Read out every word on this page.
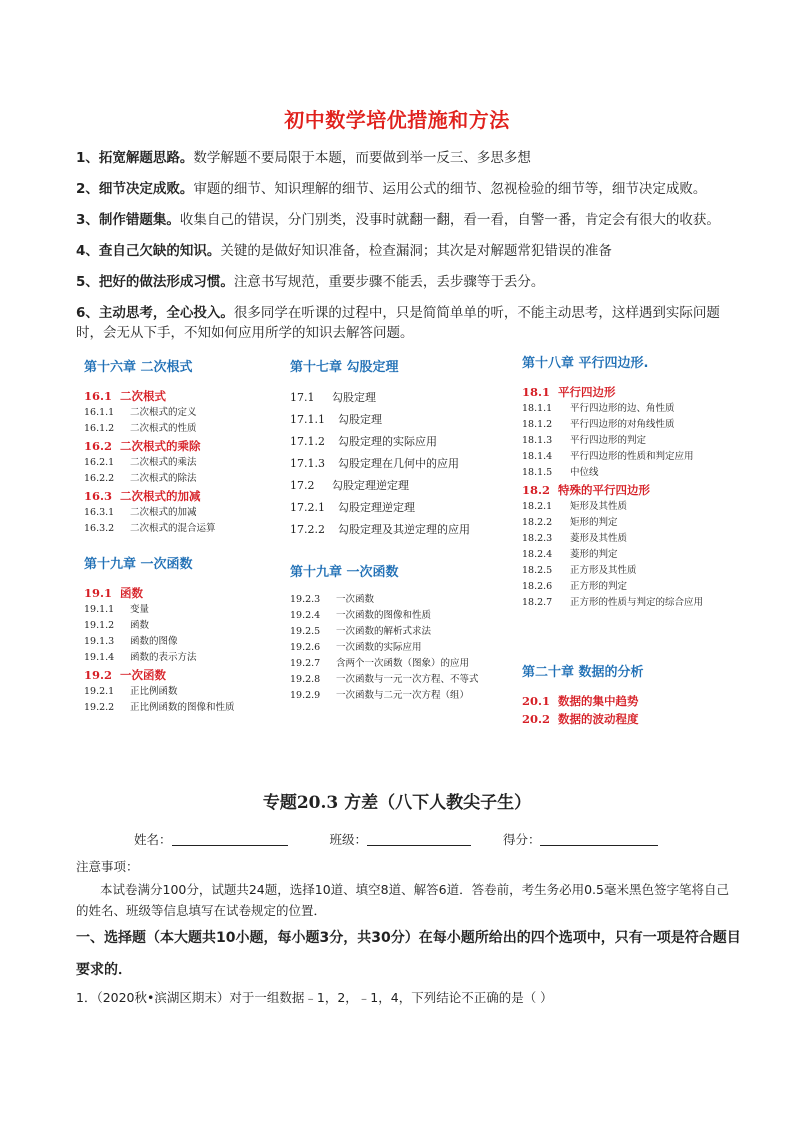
初中数学培优措施和方法
1、拓宽解题思路。数学解题不要局限于本题，而要做到举一反三、多思多想
2、细节决定成败。审题的细节、知识理解的细节、运用公式的细节、忽视检验的细节等，细节决定成败。
3、制作错题集。收集自己的错误，分门别类，没事时就翻一翻，看一看，自警一番，肯定会有很大的收获。
4、查自己欠缺的知识。关键的是做好知识准备，检查漏洞；其次是对解题常犯错误的准备
5、把好的做法形成习惯。注意书写规范，重要步骤不能丢，丢步骤等于丢分。
6、主动思考，全心投入。很多同学在听课的过程中，只是简简单单的听，不能主动思考，这样遇到实际问题时，会无从下手，不知如何应用所学的知识去解答问题。
第十六章 二次根式
16.1 二次根式
16.1.1 二次根式的定义
16.1.2 二次根式的性质
16.2 二次根式的乘除
16.2.1 二次根式的乘法
16.2.2 二次根式的除法
16.3 二次根式的加减
16.3.1 二次根式的加减
16.3.2 二次根式的混合运算
第十九章 一次函数
19.1 函数
19.1.1 变量
19.1.2 函数
19.1.3 函数的图像
19.1.4 函数的表示方法
19.2 一次函数
19.2.1 正比例函数
19.2.2 正比例函数的图像和性质
第十七章 勾股定理
17.1 勾股定理
17.1.1 勾股定理
17.1.2 勾股定理的实际应用
17.1.3 勾股定理在几何中的应用
17.2 勾股定理逆定理
17.2.1 勾股定理逆定理
17.2.2 勾股定理及其逆定理的应用
第十九章 一次函数
19.2.3 一次函数
19.2.4 一次函数的图像和性质
19.2.5 一次函数的解析式求法
19.2.6 一次函数的实际应用
19.2.7 含两个一次函数（图象）的应用
19.2.8 一次函数与一元一次方程、不等式
19.2.9 一次函数与二元一次方程（组）
第十八章 平行四边形.
18.1 平行四边形
18.1.1 平行四边形的边、角性质
18.1.2 平行四边形的对角线性质
18.1.3 平行四边形的判定
18.1.4 平行四边形的性质和判定应用
18.1.5 中位线
18.2 特殊的平行四边形
18.2.1 矩形及其性质
18.2.2 矩形的判定
18.2.3 菱形及其性质
18.2.4 菱形的判定
18.2.5 正方形及其性质
18.2.6 正方形的判定
18.2.7 正方形的性质与判定的综合应用
第二十章 数据的分析
20.1 数据的集中趋势
20.2 数据的波动程度
专题20.3 方差（八下人教尖子生）
姓名：	班级：	得分：
注意事项：
本试卷满分100分，试题共24题，选择10道、填空8道、解答6道．答卷前，考生务必用0.5毫米黑色签字笔将自己的姓名、班级等信息填写在试卷规定的位置．
一、选择题（本大题共10小题，每小题3分，共30分）在每小题所给出的四个选项中，只有一项是符合题目要求的．
1．（2020秋•滨湖区期末）对于一组数据﹣1，2，﹣1，4，下列结论不正确的是（ ）
